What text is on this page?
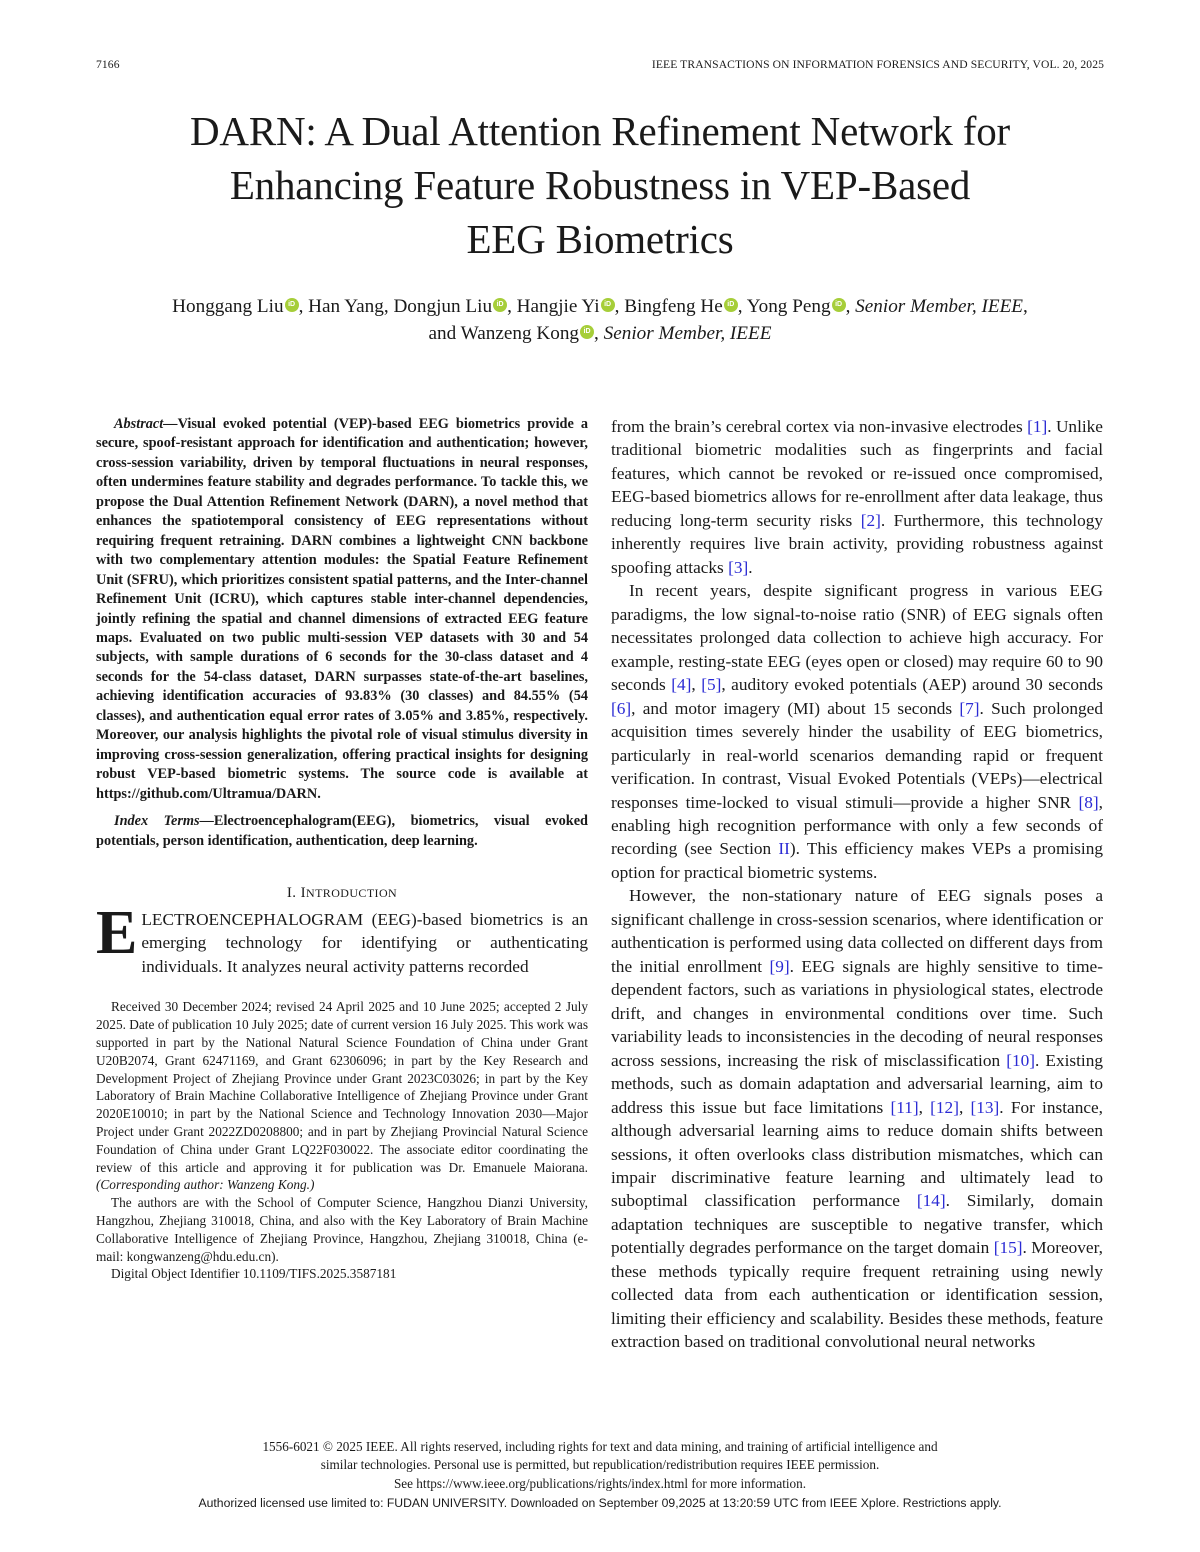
7166	IEEE TRANSACTIONS ON INFORMATION FORENSICS AND SECURITY, VOL. 20, 2025
DARN: A Dual Attention Refinement Network for
Enhancing Feature Robustness in VEP-Based
EEG Biometrics
Honggang Liu iD , Han Yang, Dongjun Liu iD , Hangjie Yi iD , Bingfeng He iD , Yong Peng iD , Senior Member, IEEE,
and Wanzeng Kong iD , Senior Member, IEEE

Abstract—Visual evoked potential (VEP)-based EEG biometrics provide a secure, spoof-resistant approach for identification and authentication; however, cross-session variability, driven by temporal fluctuations in neural responses, often undermines feature stability and degrades performance. To tackle this, we propose the Dual Attention Refinement Network (DARN), a novel method that enhances the spatiotemporal consistency of EEG representations without requiring frequent retraining. DARN combines a lightweight CNN backbone with two complementary attention modules: the Spatial Feature Refinement Unit (SFRU), which prioritizes consistent spatial patterns, and the Inter-channel Refinement Unit (ICRU), which captures stable inter-channel dependencies, jointly refining the spatial and channel dimensions of extracted EEG feature maps. Evaluated on two public multi-session VEP datasets with 30 and 54 subjects, with sample durations of 6 seconds for the 30-class dataset and 4 seconds for the 54-class dataset, DARN surpasses state-of-the-art baselines, achieving identification accuracies of 93.83% (30 classes) and 84.55% (54 classes), and authentication equal error rates of 3.05% and 3.85%, respectively. Moreover, our analysis highlights the pivotal role of visual stimulus diversity in improving cross-session generalization, offering practical insights for designing robust VEP-based biometric systems. The source code is available at https://github.com/Ultramua/DARN.

Index Terms—Electroencephalogram(EEG), biometrics, visual evoked potentials, person identification, authentication, deep learning.

I. INTRODUCTION

ELECTROENCEPHALOGRAM (EEG)-based biometrics is an emerging technology for identifying or authenticating individuals. It analyzes neural activity patterns recorded

Received 30 December 2024; revised 24 April 2025 and 10 June 2025; accepted 2 July 2025. Date of publication 10 July 2025; date of current version 16 July 2025. This work was supported in part by the National Natural Science Foundation of China under Grant U20B2074, Grant 62471169, and Grant 62306096; in part by the Key Research and Development Project of Zhejiang Province under Grant 2023C03026; in part by the Key Laboratory of Brain Machine Collaborative Intelligence of Zhejiang Province under Grant 2020E10010; in part by the National Science and Technology Innovation 2030—Major Project under Grant 2022ZD0208800; and in part by Zhejiang Provincial Natural Science Foundation of China under Grant LQ22F030022. The associate editor coordinating the review of this article and approving it for publication was Dr. Emanuele Maiorana. (Corresponding author: Wanzeng Kong.)

The authors are with the School of Computer Science, Hangzhou Dianzi University, Hangzhou, Zhejiang 310018, China, and also with the Key Laboratory of Brain Machine Collaborative Intelligence of Zhejiang Province, Hangzhou, Zhejiang 310018, China (e-mail: kongwanzeng@hdu.edu.cn).

Digital Object Identifier 10.1109/TIFS.2025.3587181

from the brain’s cerebral cortex via non-invasive electrodes [1]. Unlike traditional biometric modalities such as fingerprints and facial features, which cannot be revoked or re-issued once compromised, EEG-based biometrics allows for re-enrollment after data leakage, thus reducing long-term security risks [2]. Furthermore, this technology inherently requires live brain activity, providing robustness against spoofing attacks [3].

In recent years, despite significant progress in various EEG paradigms, the low signal-to-noise ratio (SNR) of EEG signals often necessitates prolonged data collection to achieve high accuracy. For example, resting-state EEG (eyes open or closed) may require 60 to 90 seconds [4], [5], auditory evoked potentials (AEP) around 30 seconds [6], and motor imagery (MI) about 15 seconds [7]. Such prolonged acquisition times severely hinder the usability of EEG biometrics, particularly in real-world scenarios demanding rapid or frequent verification. In contrast, Visual Evoked Potentials (VEPs)—electrical responses time-locked to visual stimuli—provide a higher SNR [8], enabling high recognition performance with only a few seconds of recording (see Section II). This efficiency makes VEPs a promising option for practical biometric systems.

However, the non-stationary nature of EEG signals poses a significant challenge in cross-session scenarios, where identification or authentication is performed using data collected on different days from the initial enrollment [9]. EEG signals are highly sensitive to time-dependent factors, such as variations in physiological states, electrode drift, and changes in environmental conditions over time. Such variability leads to inconsistencies in the decoding of neural responses across sessions, increasing the risk of misclassification [10]. Existing methods, such as domain adaptation and adversarial learning, aim to address this issue but face limitations [11], [12], [13]. For instance, although adversarial learning aims to reduce domain shifts between sessions, it often overlooks class distribution mismatches, which can impair discriminative feature learning and ultimately lead to suboptimal classification performance [14]. Similarly, domain adaptation techniques are susceptible to negative transfer, which potentially degrades performance on the target domain [15]. Moreover, these methods typically require frequent retraining using newly collected data from each authentication or identification session, limiting their efficiency and scalability. Besides these methods, feature extraction based on traditional convolutional neural networks

1556-6021 © 2025 IEEE. All rights reserved, including rights for text and data mining, and training of artificial intelligence and

similar technologies. Personal use is permitted, but republication/redistribution requires IEEE permission.

See https://www.ieee.org/publications/rights/index.html for more information.

Authorized licensed use limited to: FUDAN UNIVERSITY. Downloaded on September 09,2025 at 13:20:59 UTC from IEEE Xplore. Restrictions apply.
